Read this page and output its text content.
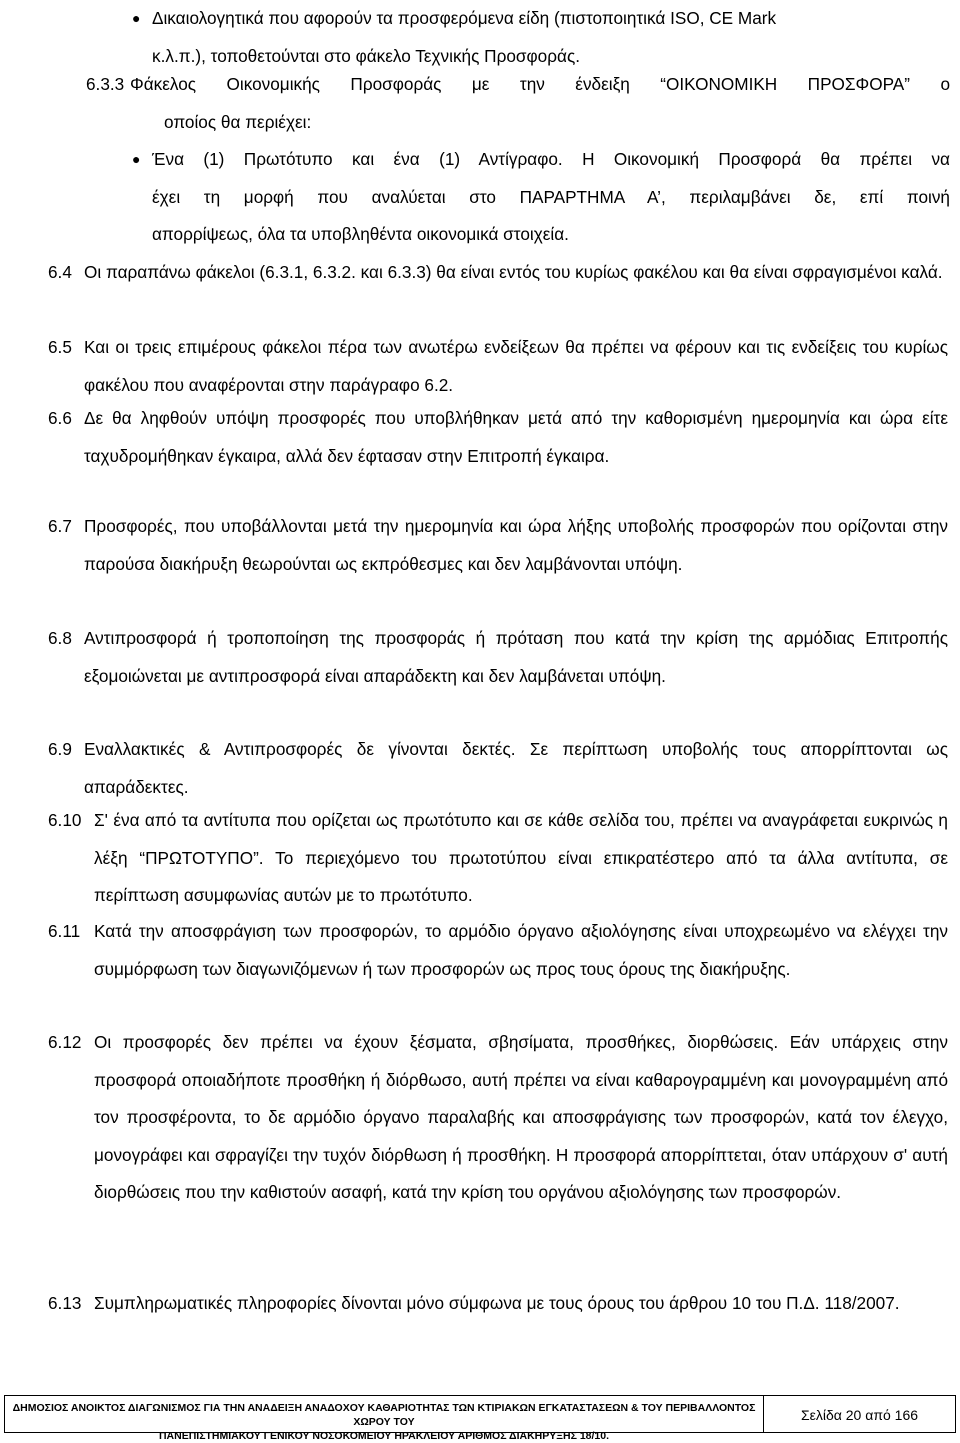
● Δικαιολογητικά που αφορούν τα προσφερόμενα είδη (πιστοποιητικά ISO, CE Mark
κ.λ.π.), τοποθετούνται στο φάκελο Τεχνικής Προσφοράς.
6.3.3 Φάκελος Οικονομικής Προσφοράς με την ένδειξη “ΟΙΚΟΝΟΜΙΚΗ ΠΡΟΣΦΟΡΑ” ο
οποίος θα περιέχει:
● Ένα (1) Πρωτότυπο και ένα (1) Αντίγραφο. Η Οικονομική Προσφορά θα πρέπει να
έχει τη μορφή που αναλύεται στο ΠΑΡΑΡΤΗΜΑ Α’, περιλαμβάνει δε, επί ποινή
απορρίψεως, όλα τα υποβληθέντα οικονομικά στοιχεία.
6.4 Οι παραπάνω φάκελοι (6.3.1, 6.3.2. και 6.3.3) θα είναι εντός του κυρίως φακέλου και θα είναι σφραγισμένοι καλά.
6.5 Και οι τρεις επιμέρους φάκελοι πέρα των ανωτέρω ενδείξεων θα πρέπει να φέρουν και τις ενδείξεις του κυρίως φακέλου που αναφέρονται στην παράγραφο 6.2.
6.6 Δε θα ληφθούν υπόψη προσφορές που υποβλήθηκαν μετά από την καθορισμένη ημερομηνία και ώρα είτε ταχυδρομήθηκαν έγκαιρα, αλλά δεν έφτασαν στην Επιτροπή έγκαιρα.
6.7 Προσφορές, που υποβάλλονται μετά την ημερομηνία και ώρα λήξης υποβολής προσφορών που ορίζονται στην παρούσα διακήρυξη θεωρούνται ως εκπρόθεσμες και δεν λαμβάνονται υπόψη.
6.8 Αντιπροσφορά ή τροποποίηση της προσφοράς ή πρόταση που κατά την κρίση της αρμόδιας Επιτροπής εξομοιώνεται με αντιπροσφορά είναι απαράδεκτη και δεν λαμβάνεται υπόψη.
6.9 Εναλλακτικές & Αντιπροσφορές δε γίνονται δεκτές. Σε περίπτωση υποβολής τους απορρίπτονται ως απαράδεκτες.
6.10 Σ' ένα από τα αντίτυπα που ορίζεται ως πρωτότυπο και σε κάθε σελίδα του, πρέπει να αναγράφεται ευκρινώς η λέξη “ΠΡΩΤΟΤΥΠΟ”. Το περιεχόμενο του πρωτοτύπου είναι επικρατέστερο από τα άλλα αντίτυπα, σε περίπτωση ασυμφωνίας αυτών με το πρωτότυπο.
6.11 Κατά την αποσφράγιση των προσφορών, το αρμόδιο όργανο αξιολόγησης είναι υποχρεωμένο να ελέγχει την συμμόρφωση των διαγωνιζόμενων ή των προσφορών ως προς τους όρους της διακήρυξης.
6.12 Οι προσφορές δεν πρέπει να έχουν ξέσματα, σβησίματα, προσθήκες, διορθώσεις. Εάν υπάρχεις στην προσφορά οποιαδήποτε προσθήκη ή διόρθωσο, αυτή πρέπει να είναι καθαρογραμμένη και μονογραμμένη από τον προσφέροντα, το δε αρμόδιο όργανο παραλαβής και αποσφράγισης των προσφορών, κατά τον έλεγχο, μονογράφει και σφραγίζει την τυχόν διόρθωση ή προσθήκη. Η προσφορά απορρίπτεται, όταν υπάρχουν σ' αυτή διορθώσεις που την καθιστούν ασαφή, κατά την κρίση του οργάνου αξιολόγησης των προσφορών.
6.13 Συμπληρωματικές πληροφορίες δίνονται μόνο σύμφωνα με τους όρους του άρθρου 10 του Π.Δ. 118/2007.
ΔΗΜΟΣΙΟΣ ΑΝΟΙΚΤΟΣ ΔΙΑΓΩΝΙΣΜΟΣ ΓΙΑ ΤΗΝ ΑΝΑΔΕΙΞΗ ΑΝΑΔΟΧΟΥ ΚΑΘΑΡΙΟΤΗΤΑΣ ΤΩΝ ΚΤΙΡΙΑΚΩΝ ΕΓΚΑΤΑΣΤΑΣΕΩΝ & ΤΟΥ ΠΕΡΙΒΑΛΛΟΝΤΟΣ ΧΩΡΟΥ ΤΟΥ
ΠΑΝΕΠΙΣΤΗΜΙΑΚΟΥ ΓΕΝΙΚΟΥ ΝΟΣΟΚΟΜΕΙΟΥ ΗΡΑΚΛΕΙΟΥ ΑΡΙΘΜΟΣ ΔΙΑΚΗΡΥΞΗΣ 18/10.
Σελίδα 20 από 166
